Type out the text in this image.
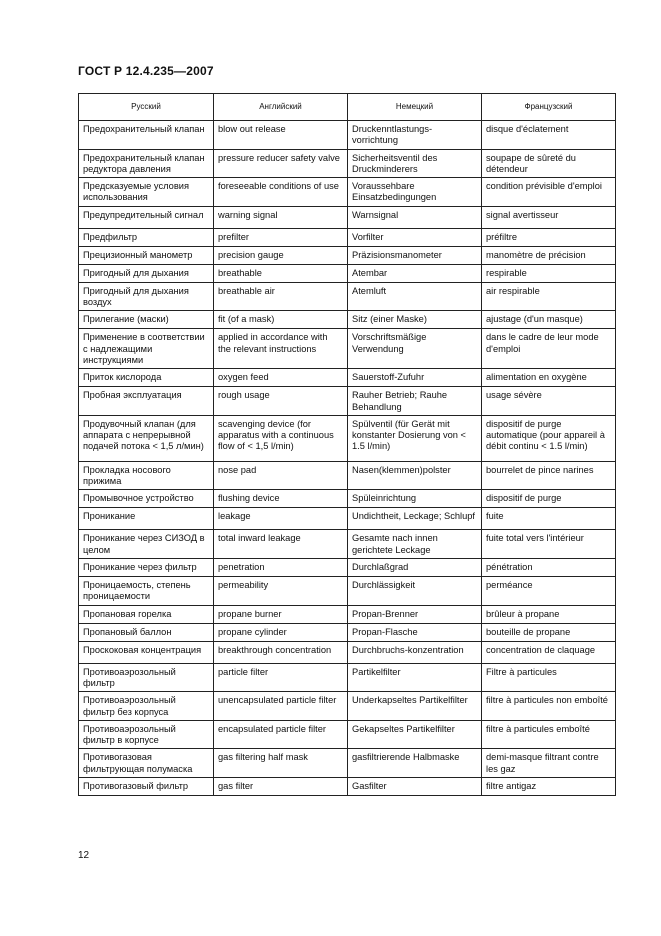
ГОСТ Р 12.4.235—2007
Русский	Английский	Немецкий	Французский
Предохранительный клапан	blow out release	Druckenntlastungs-vorrichtung	disque d'éclatement
Предохранительный клапан редуктора давления	pressure reducer safety valve	Sicherheitsventil des Druckminderers	soupape de sûreté du détendeur
Предсказуемые условия использования	foreseeable conditions of use	Voraussehbare Einsatzbedingungen	condition prévisible d'emploi
Предупредительный сигнал	warning signal	Warnsignal	signal avertisseur
Предфильтр	prefilter	Vorfilter	préfiltre
Прецизионный манометр	precision gauge	Präzisionsmanometer	manomètre de précision
Пригодный для дыхания	breathable	Atembar	respirable
Пригодный для дыхания воздух	breathable air	Atemluft	air respirable
Прилегание (маски)	fit (of a mask)	Sitz (einer Maske)	ajustage (d'un masque)
Применение в соответствии с надлежащими инструкциями	applied in accordance with the relevant instructions	Vorschriftsmäßige Verwendung	dans le cadre de leur mode d'emploi
Приток кислорода	oxygen feed	Sauerstoff-Zufuhr	alimentation en oxygène
Пробная эксплуатация	rough usage	Rauher Betrieb; Rauhe Behandlung	usage sévère
Продувочный клапан (для аппарата с непрерывной подачей потока < 1,5 л/мин)	scavenging device (for apparatus with a continuous flow of < 1,5 l/min)	Spülventil (für Gerät mit konstanter Dosierung von < 1.5 l/min)	dispositif de purge automatique (pour appareil à débit continu < 1.5 l/min)
Прокладка носового прижима	nose pad	Nasen(klemmen)polster	bourrelet de pince narines
Промывочное устройство	flushing device	Spüleinrichtung	dispositif de purge
Проникание	leakage	Undichtheit, Leckage; Schlupf	fuite
Проникание через СИЗОД в целом	total inward leakage	Gesamte nach innen gerichtete Leckage	fuite total vers l'intérieur
Проникание через фильтр	penetration	Durchlaßgrad	pénétration
Проницаемость, степень проницаемости	permeability	Durchlässigkeit	perméance
Пропановая горелка	propane burner	Propan-Brenner	brûleur à propane
Пропановый баллон	propane cylinder	Propan-Flasche	bouteille de propane
Проскоковая концентрация	breakthrough concentration	Durchbruchs-konzentration	concentration de claquage
Противоаэрозольный фильтр	particle filter	Partikelfilter	Filtre à particules
Противоаэрозольный фильтр без корпуса	unencapsulated particle filter	Underkapseltes Partikelfilter	filtre à particules non emboîté
Противоаэрозольный фильтр в корпусе	encapsulated particle filter	Gekapseltes Partikelfilter	filtre à particules emboîté
Противогазовая фильтрующая полумаска	gas filtering half mask	gasfiltrierende Halbmaske	demi-masque filtrant contre les gaz
Противогазовый фильтр	gas filter	Gasfilter	filtre antigaz
12
